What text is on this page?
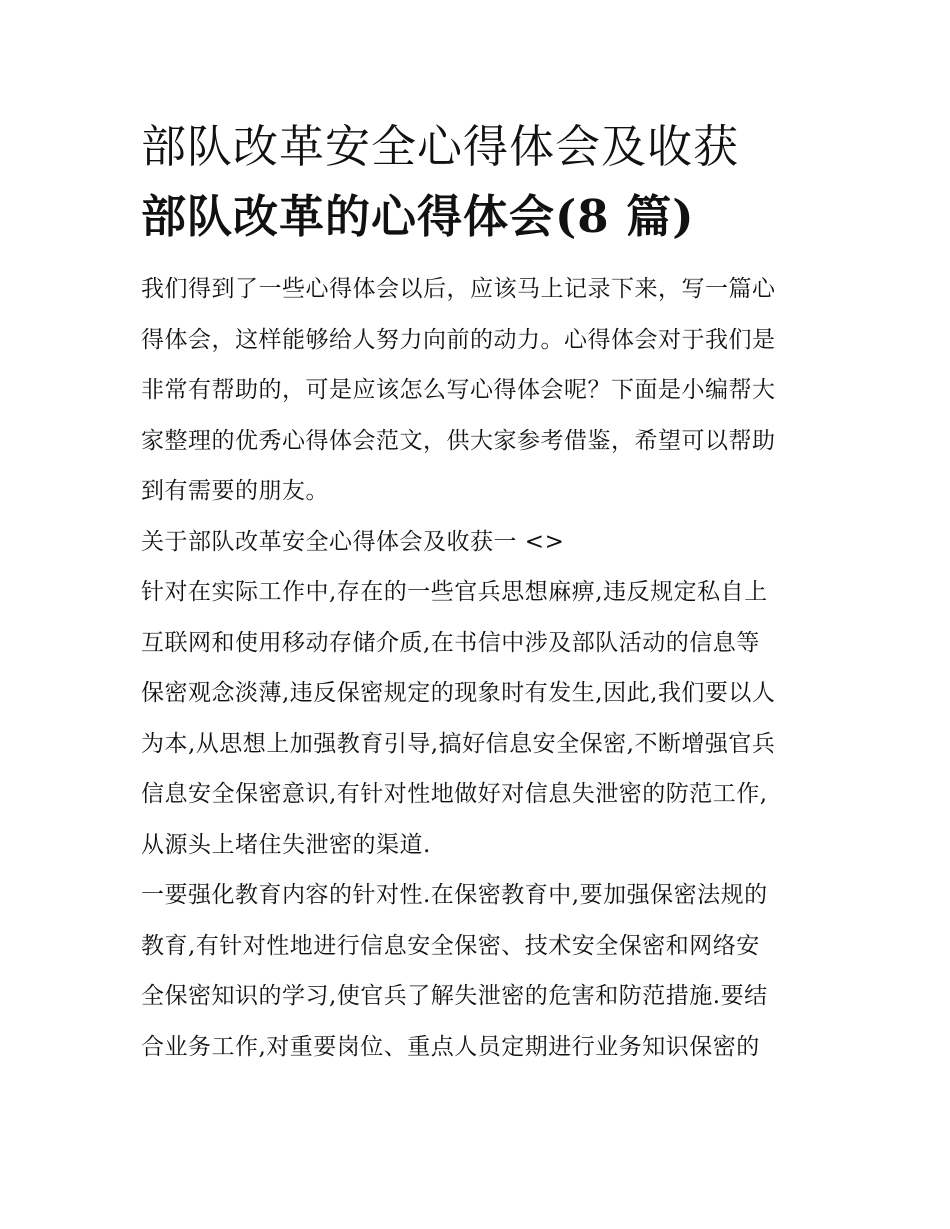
部队改革安全心得体会及收获
部队改革的心得体会(8 篇)

我们得到了一些心得体会以后，应该马上记录下来，写一篇心
得体会，这样能够给人努力向前的动力。心得体会对于我们是
非常有帮助的，可是应该怎么写心得体会呢？下面是小编帮大
家整理的优秀心得体会范文，供大家参考借鉴，希望可以帮助
到有需要的朋友。

关于部队改革安全心得体会及收获一 <>

针对在实际工作中,存在的一些官兵思想麻痹,违反规定私自上
互联网和使用移动存储介质,在书信中涉及部队活动的信息等
保密观念淡薄,违反保密规定的现象时有发生,因此,我们要以人
为本,从思想上加强教育引导,搞好信息安全保密,不断增强官兵
信息安全保密意识,有针对性地做好对信息失泄密的防范工作,
从源头上堵住失泄密的渠道.

一要强化教育内容的针对性.在保密教育中,要加强保密法规的
教育,有针对性地进行信息安全保密、技术安全保密和网络安
全保密知识的学习,使官兵了解失泄密的危害和防范措施.要结
合业务工作,对重要岗位、重点人员定期进行业务知识保密的
